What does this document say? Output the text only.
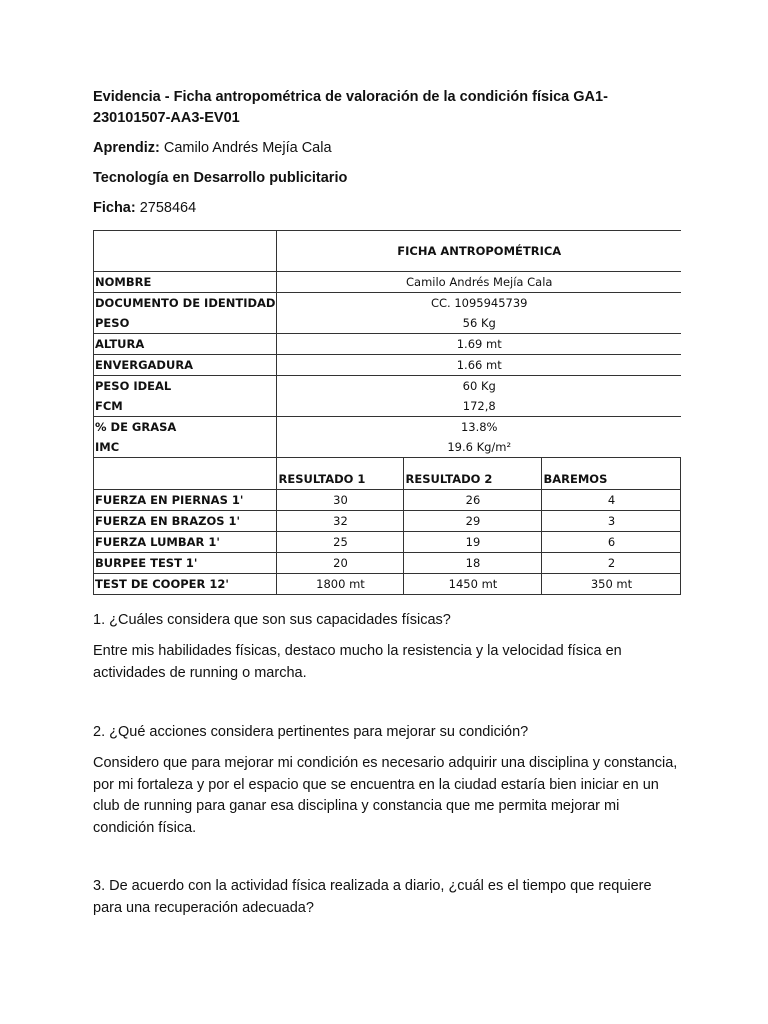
Evidencia - Ficha antropométrica de valoración de la condición física GA1-230101507-AA3-EV01
Aprendiz: Camilo Andrés Mejía Cala
Tecnología en Desarrollo publicitario
Ficha: 2758464
	FICHA ANTROPOMÉTRICA		
NOMBRE	Camilo Andrés Mejía Cala		
DOCUMENTO DE IDENTIDAD	CC. 1095945739		
PESO	56 Kg		
ALTURA	1.69 mt		
ENVERGADURA	1.66 mt		
PESO IDEAL	60 Kg		
FCM	172,8		
% DE GRASA	13.8%		
IMC	19.6 Kg/m²		
	RESULTADO 1	RESULTADO 2	BAREMOS
FUERZA EN PIERNAS 1'	30	26	4
FUERZA EN BRAZOS 1'	32	29	3
FUERZA LUMBAR 1'	25	19	6
BURPEE TEST 1'	20	18	2
TEST DE COOPER 12'	1800 mt	1450 mt	350 mt
1. ¿Cuáles considera que son sus capacidades físicas?
Entre mis habilidades físicas, destaco mucho la resistencia y la velocidad física en actividades de running o marcha.
2. ¿Qué acciones considera pertinentes para mejorar su condición?
Considero que para mejorar mi condición es necesario adquirir una disciplina y constancia, por mi fortaleza y por el espacio que se encuentra en la ciudad estaría bien iniciar en un club de running para ganar esa disciplina y constancia que me permita mejorar mi condición física.
3. De acuerdo con la actividad física realizada a diario, ¿cuál es el tiempo que requiere para una recuperación adecuada?
